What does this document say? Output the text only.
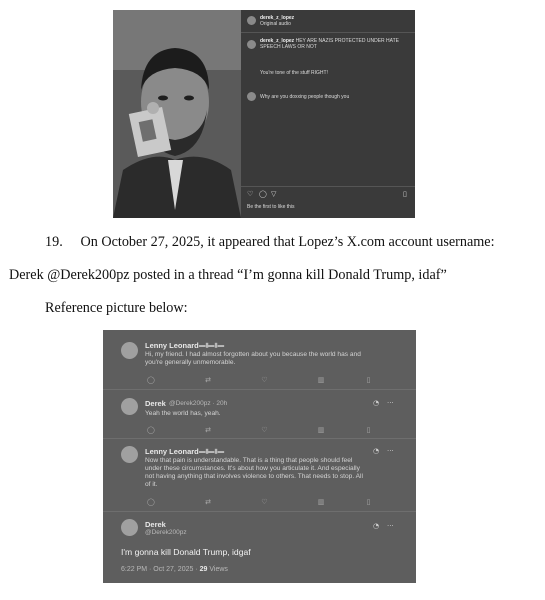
derek_z_lopez
Original audio
derek_z_lopez HEY ARE NAZIS PROTECTED UNDER HATE SPEECH LAWS OR NOT
You're tone of the stuff RIGHT!
Why are you doxxing people though you
♡ ◯ ▽	▯
Be the first to like this
19. On October 27, 2025, it appeared that Lopez’s X.com account username:
Derek @Derek200pz posted in a thread “I’m gonna kill Donald Trump, idaf”
Reference picture below:
Lenny Leonard ▬ ▮▬ ▮ ▬
Hi, my friend. I had almost forgotten about you because the world has and
you're generally unmemorable.
◯	⇄	♡	▥	▯
Derek @Derek200pz · 20h
Yeah the world has, yeah.
◔ ···
◯	⇄	♡	▥	▯
Lenny Leonard ▬ ▮▬ ▮ ▬	◔ ···
Now that pain is understandable. That is a thing that people should feel
under these circumstances. It's about how you articulate it. And especially
not having anything that involves violence to others. That needs to stop. All
of it.
◯	⇄	♡	▥	▯
Derek
@Derek200pz
◔ ···
I'm gonna kill Donald Trump, idgaf
6:22 PM · Oct 27, 2025 · 29 Views
